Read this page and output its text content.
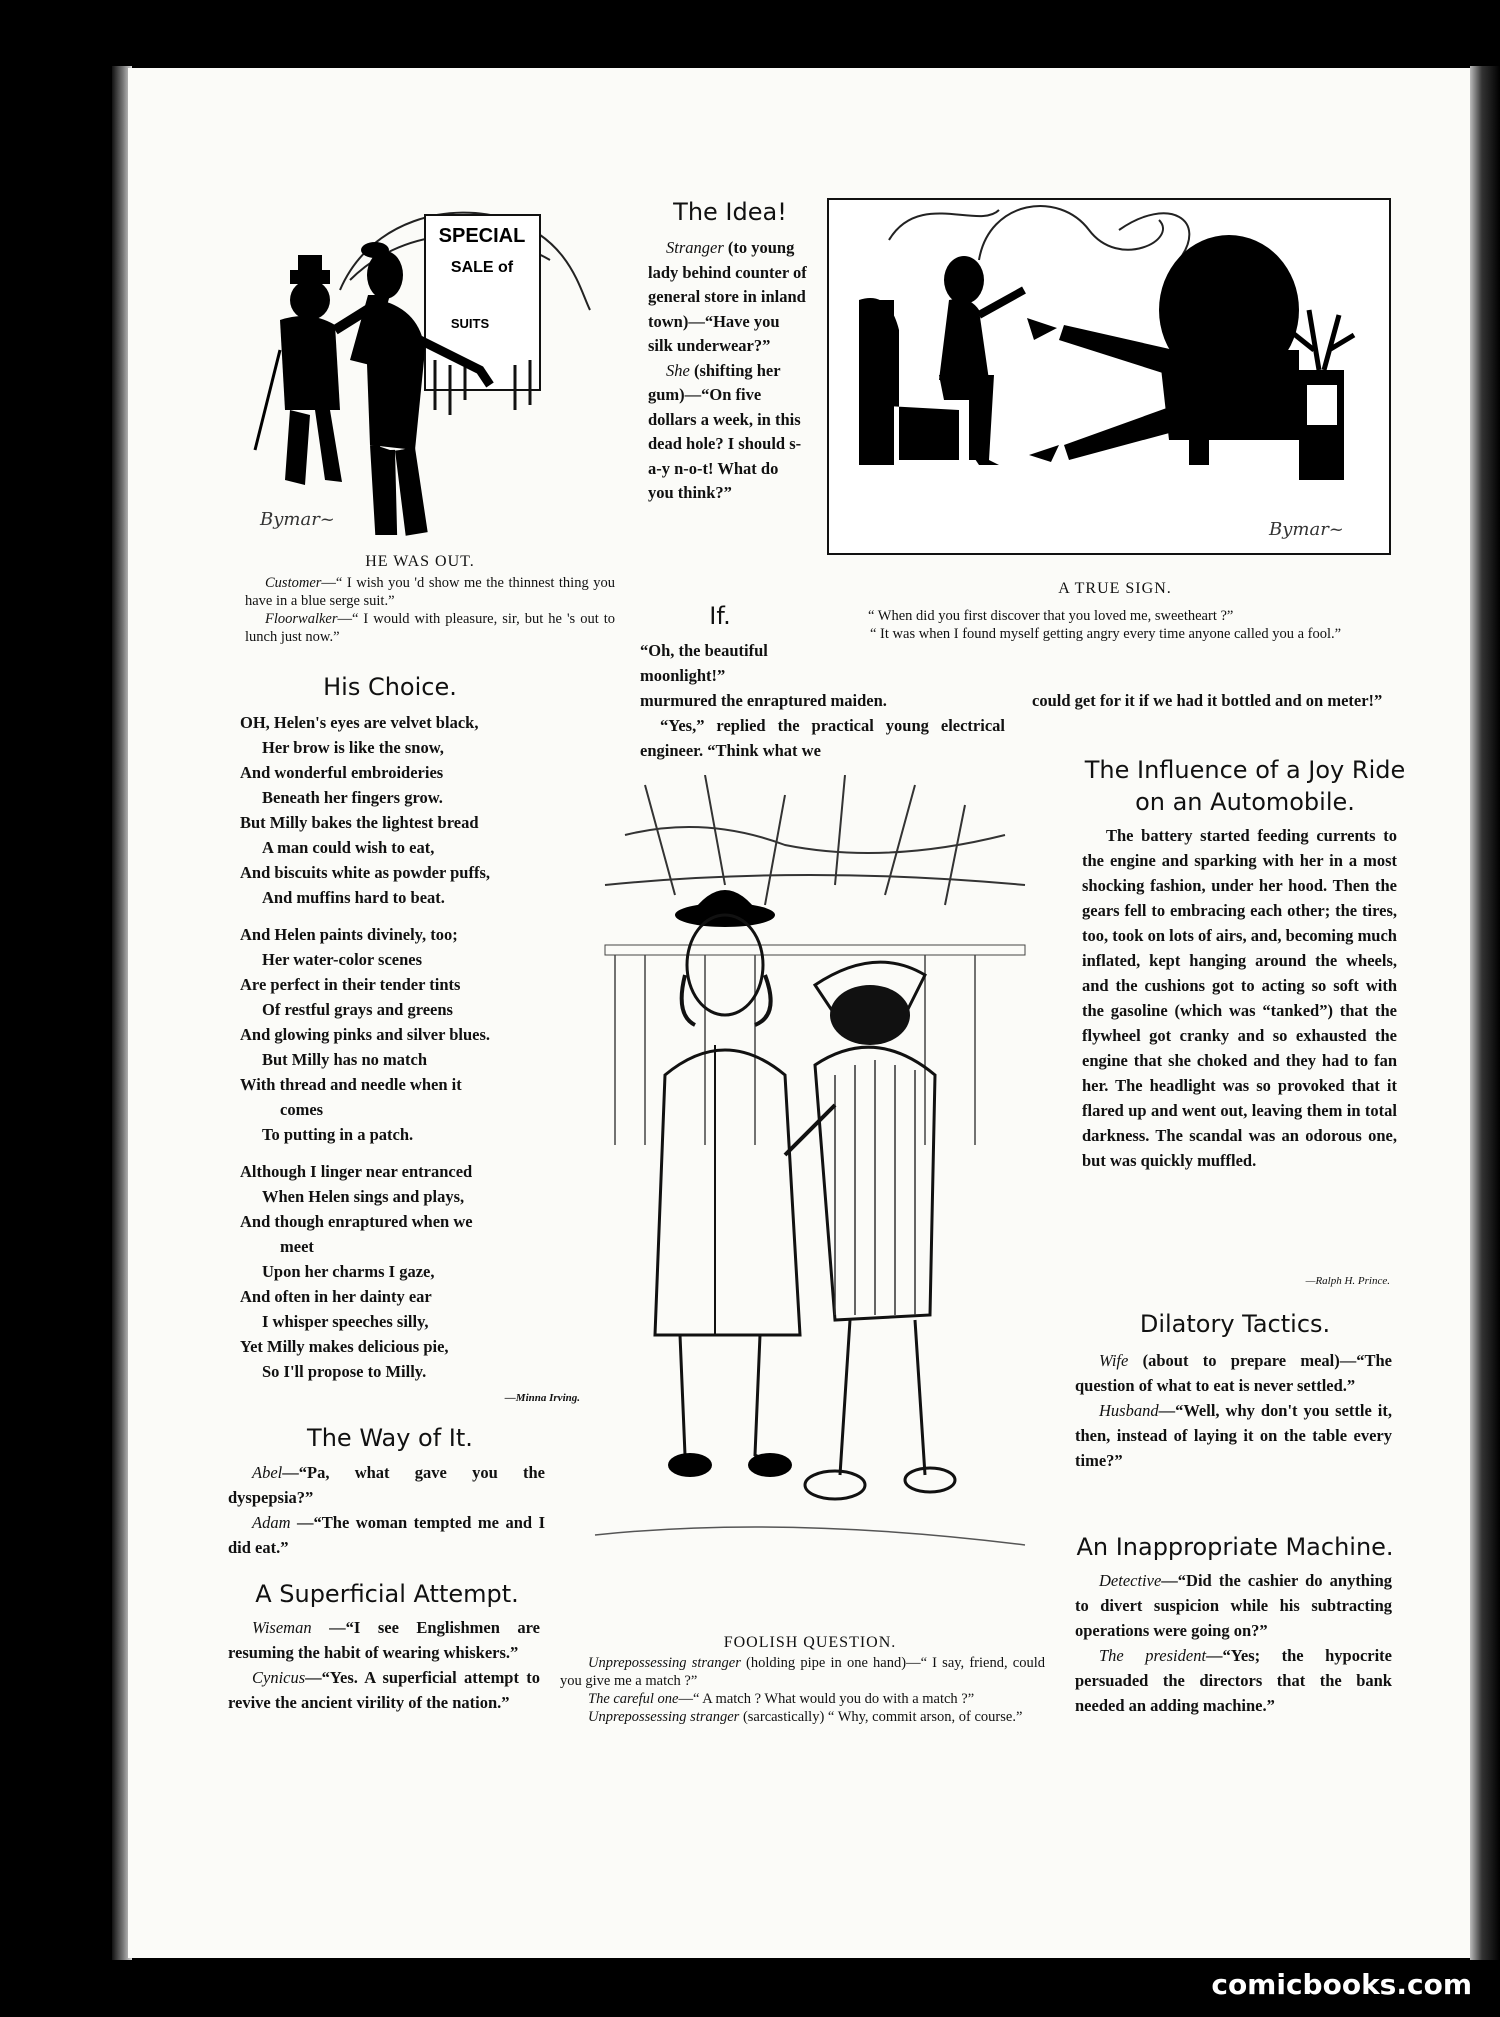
SPECIAL
SALE of
SUITS
Bymar~
HE WAS OUT.
Customer—“ I wish you 'd show me the thinnest thing you have in a blue serge suit.”
Floorwalker—“ I would with pleasure, sir, but he 's out to lunch just now.”
The Idea!
Stranger (to young lady behind counter of general store in inland town)—“Have you silk underwear?”
She (shifting her gum)—“On five dollars a week, in this dead hole? I should s-a-y n-o-t! What do you think?”
Bymar~
A TRUE SIGN.
“ When did you first discover that you loved me, sweetheart ?”
“ It was when I found myself getting angry every time anyone called you a fool.”
If.
“Oh, the beautiful moonlight!”
murmured the enraptured maiden.
“Yes,” replied the practical young electrical engineer. “Think what we
could get for it if we had it bottled and on meter!”
FOOLISH QUESTION.
Unprepossessing stranger (holding pipe in one hand)—“ I say, friend, could you give me a match ?”
The careful one—“ A match ? What would you do with a match ?”
Unprepossessing stranger (sarcastically) “ Why, commit arson, of course.”
His Choice.

OH, Helen's eyes are velvet black,

Her brow is like the snow,

And wonderful embroideries

Beneath her fingers grow.

But Milly bakes the lightest bread

A man could wish to eat,

And biscuits white as powder puffs,

And muffins hard to beat.

And Helen paints divinely, too;

Her water-color scenes

Are perfect in their tender tints

Of restful grays and greens

And glowing pinks and silver blues.

But Milly has no match

With thread and needle when it

comes

To putting in a patch.

Although I linger near entranced

When Helen sings and plays,

And though enraptured when we

meet

Upon her charms I gaze,

And often in her dainty ear

I whisper speeches silly,

Yet Milly makes delicious pie,

So I'll propose to Milly.

—Minna Irving.
The Way of It.
Abel—“Pa, what gave you the dyspepsia?”
Adam —“The woman tempted me and I did eat.”
A Superficial Attempt.
Wiseman —“I see Englishmen are resuming the habit of wearing whiskers.”
Cynicus—“Yes. A superficial attempt to revive the ancient virility of the nation.”
The Influence of a Joy Ride
on an Automobile.
The battery started feeding currents to the engine and sparking with her in a most shocking fashion, under her hood. Then the gears fell to embracing each other; the tires, too, took on lots of airs, and, becoming much inflated, kept hanging around the wheels, and the cushions got to acting so soft with the gasoline (which was “tanked”) that the flywheel got cranky and so exhausted the engine that she choked and they had to fan her. The headlight was so provoked that it flared up and went out, leaving them in total darkness. The scandal was an odorous one, but was quickly muffled.
—Ralph H. Prince.
Dilatory Tactics.
Wife (about to prepare meal)—“The question of what to eat is never settled.”
Husband—“Well, why don't you settle it, then, instead of laying it on the table every time?”
An Inappropriate Machine.
Detective—“Did the cashier do anything to divert suspicion while his subtracting operations were going on?”
The president—“Yes; the hypocrite persuaded the directors that the bank needed an adding machine.”
comicbooks.com
